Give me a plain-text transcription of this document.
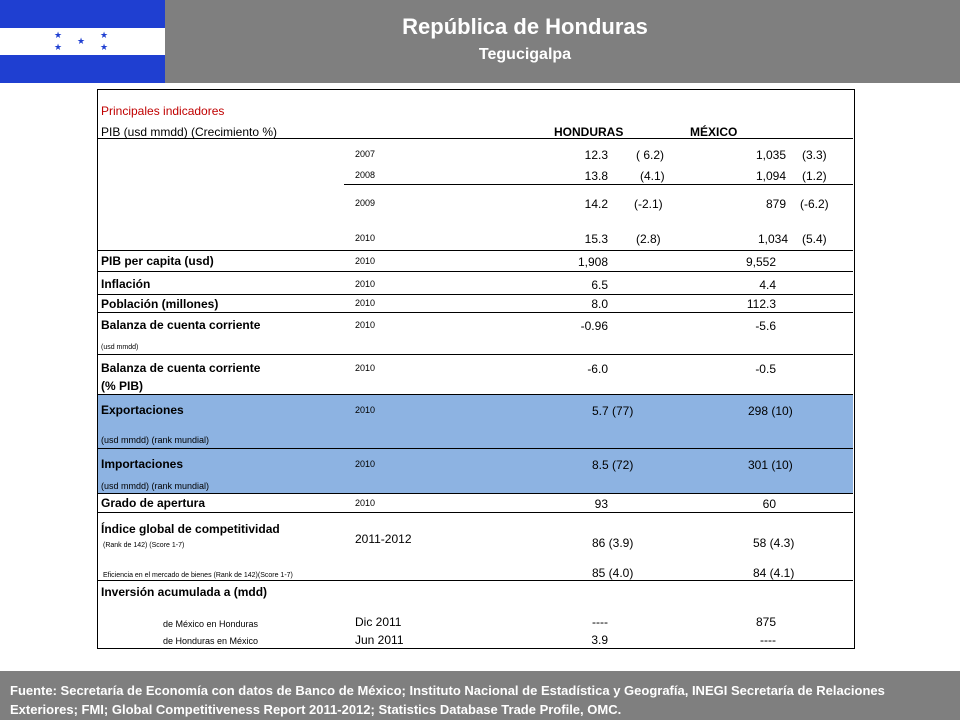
★	★
★
★	★
República de Honduras
Tegucigalpa
Principales indicadores
PIB (usd mmdd) (Crecimiento %)	HONDURAS	MÉXICO
2007	12.3 ( 6.2)	1,035 (3.3)
2008	13.8	(4.1)	1,094 (1.2)
2009	14.2 (-2.1)	879 (-6.2)
2010	15.3 (2.8)	1,034 (5.4)
PIB per capita (usd)	2010	1,908	9,552
Inflación	2010	6.5	4.4
Población (millones)	2010	8.0	112.3
Balanza de cuenta corriente
(usd mmdd)
2010	-0.96	-5.6
Balanza de cuenta corriente
(% PIB)
2010	-6.0	-0.5
Exportaciones
(usd mmdd) (rank mundial)
2010	5.7 (77)	298 (10)
Importaciones
(usd mmdd) (rank mundial)
2010	8.5 (72)	301 (10)
Grado de apertura	2010	93	60
Índice global de competitividad
(Rank de 142) (Score 1-7)	2011-2012	86 (3.9)	58 (4.3)
Eficiencia en el mercado de bienes (Rank de 142)(Score 1-7)	85 (4.0)	84 (4.1)
Inversión acumulada a (mdd)
de México en Honduras	Dic 2011	----	875
de Honduras en México	Jun 2011	3.9	----
Fuente: Secretaría de Economía con datos de Banco de México; Instituto Nacional de Estadística y Geografía, INEGI Secretaría de Relaciones Exteriores; FMI; Global Competitiveness Report 2011-2012; Statistics Database Trade Profile, OMC.
